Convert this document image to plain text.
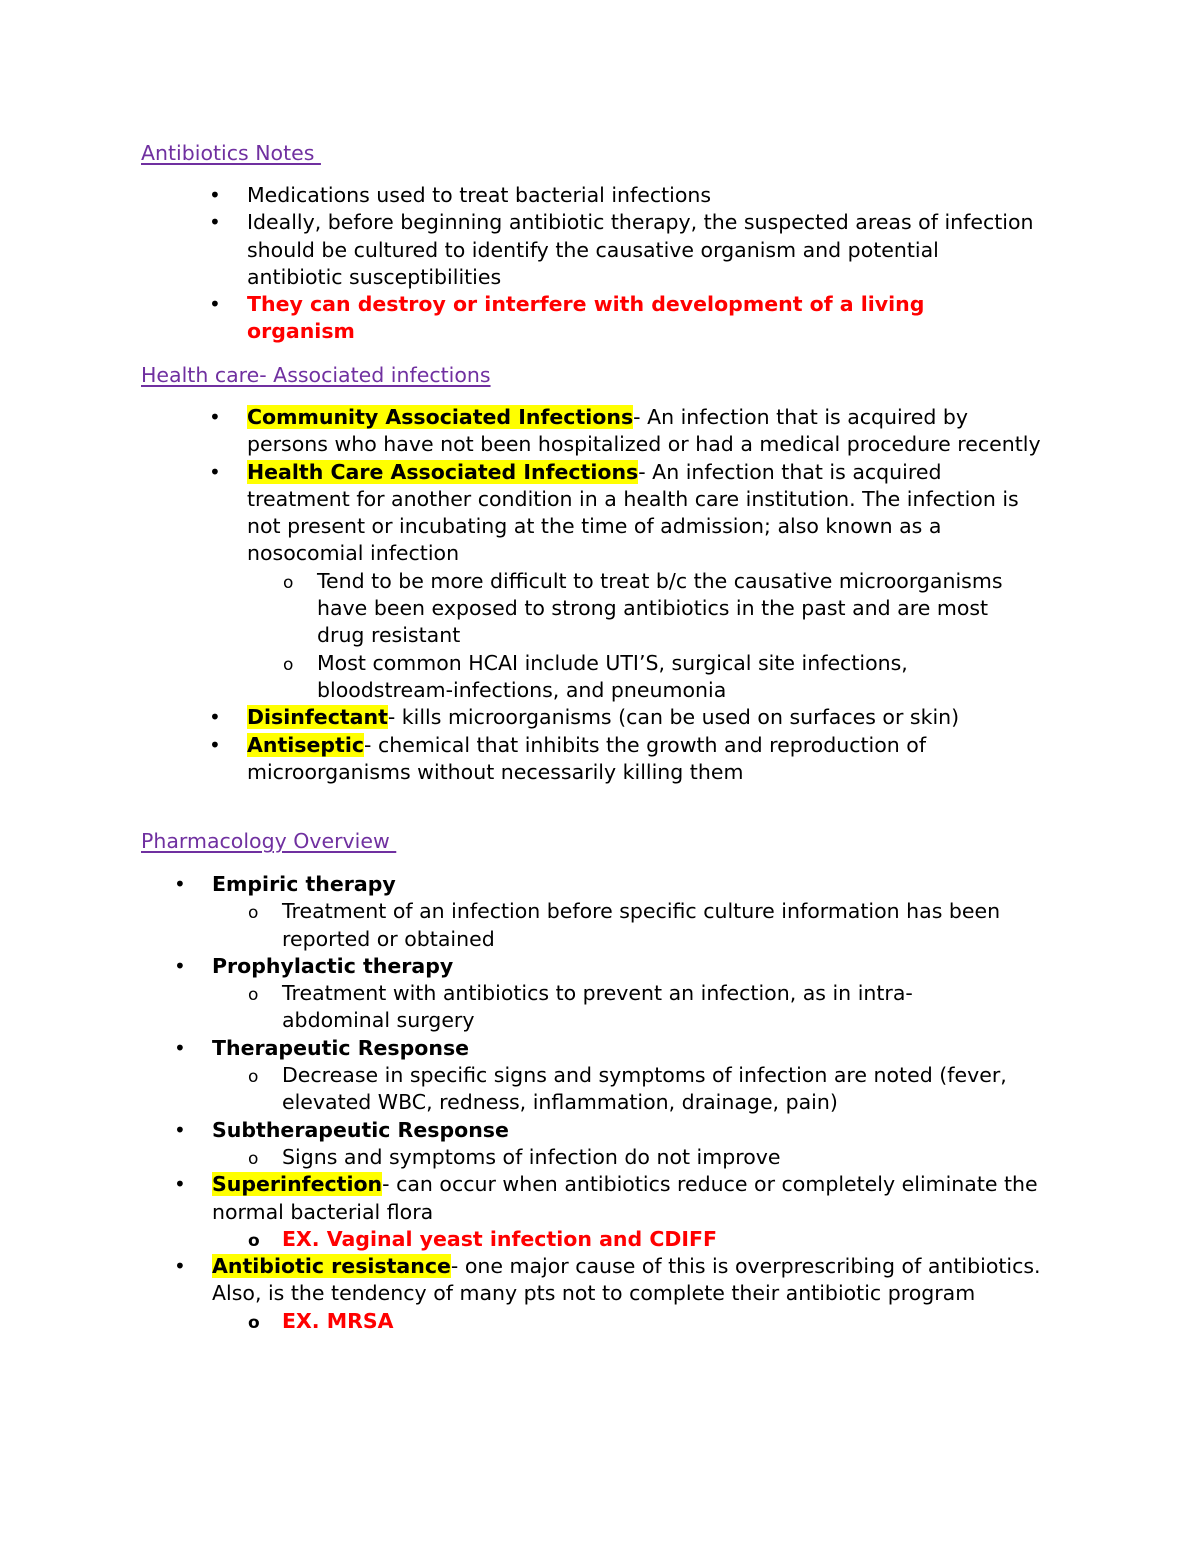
Antibiotics Notes
• Medications used to treat bacterial infections
• Ideally, before beginning antibiotic therapy, the suspected areas of infection should be cultured to identify the causative organism and potential antibiotic susceptibilities
• They can destroy or interfere with development of a living organism
Health care- Associated infections
• Community Associated Infections- An infection that is acquired by persons who have not been hospitalized or had a medical procedure recently
• Health Care Associated Infections- An infection that is acquired treatment for another condition in a health care institution. The infection is not present or incubating at the time of admission; also known as a nosocomial infection
o Tend to be more difficult to treat b/c the causative microorganisms have been exposed to strong antibiotics in the past and are most drug resistant
o Most common HCAI include UTI’S, surgical site infections, bloodstream-infections, and pneumonia
• Disinfectant- kills microorganisms (can be used on surfaces or skin)
• Antiseptic- chemical that inhibits the growth and reproduction of microorganisms without necessarily killing them
Pharmacology Overview
• Empiric therapy
o Treatment of an infection before specific culture information has been reported or obtained
• Prophylactic therapy
o Treatment with antibiotics to prevent an infection, as in intra-abdominal surgery
• Therapeutic Response
o Decrease in specific signs and symptoms of infection are noted (fever, elevated WBC, redness, inflammation, drainage, pain)
• Subtherapeutic Response
o Signs and symptoms of infection do not improve
• Superinfection- can occur when antibiotics reduce or completely eliminate the normal bacterial flora
o EX. Vaginal yeast infection and CDIFF
• Antibiotic resistance- one major cause of this is overprescribing of antibiotics. Also, is the tendency of many pts not to complete their antibiotic program
o EX. MRSA
